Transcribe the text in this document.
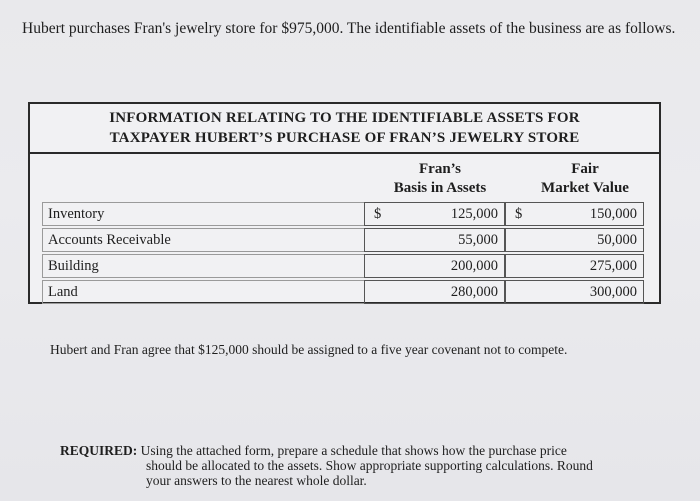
Hubert purchases Fran's jewelry store for $975,000. The identifiable assets of the business are as follows.
INFORMATION RELATING TO THE IDENTIFIABLE ASSETS FOR
TAXPAYER HUBERT’S PURCHASE OF FRAN’S JEWELRY STORE
Fran’s
Basis in Assets
Fair
Market Value
Inventory	$	125,000 $	150,000
Accounts Receivable	55,000	50,000
Building	200,000	275,000
Land	280,000	300,000
Hubert and Fran agree that $125,000 should be assigned to a five year covenant not to compete.
REQUIRED: Using the attached form, prepare a schedule that shows how the purchase price
should be allocated to the assets. Show appropriate supporting calculations. Round
your answers to the nearest whole dollar.
